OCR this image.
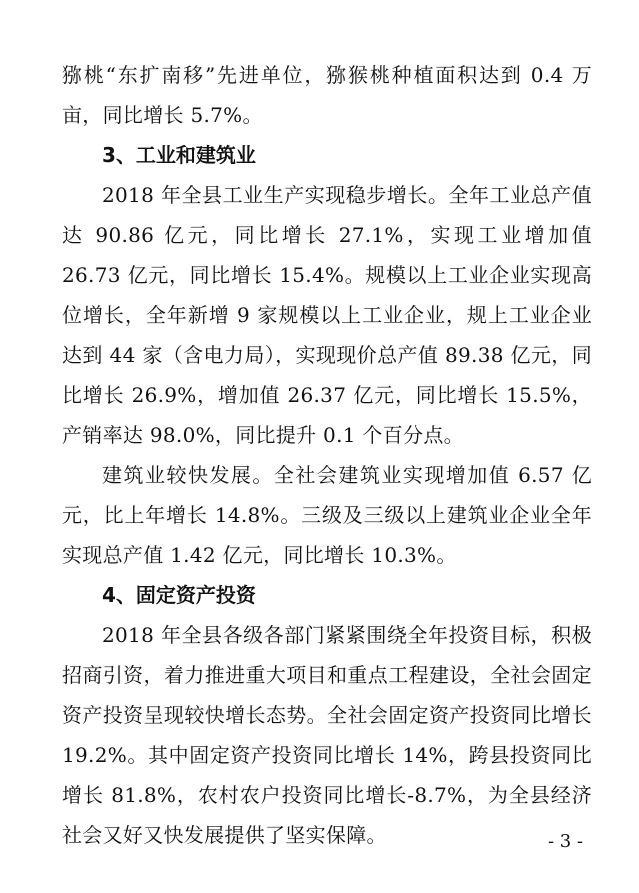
猕桃“东扩南移”先进单位，猕猴桃种植面积达到 0.4 万亩，同比增长 5.7%。

3、工业和建筑业

2018 年全县工业生产实现稳步增长。全年工业总产值达 90.86 亿元，同比增长 27.1%，实现工业增加值 26.73 亿元，同比增长 15.4%。规模以上工业企业实现高位增长，全年新增 9 家规模以上工业企业，规上工业企业达到 44 家（含电力局），实现现价总产值 89.38 亿元，同比增长 26.9%，增加值 26.37 亿元，同比增长 15.5%，产销率达 98.0%，同比提升 0.1 个百分点。

建筑业较快发展。全社会建筑业实现增加值 6.57 亿元，比上年增长 14.8%。三级及三级以上建筑业企业全年实现总产值 1.42 亿元，同比增长 10.3%。

4、固定资产投资

2018 年全县各级各部门紧紧围绕全年投资目标，积极招商引资，着力推进重大项目和重点工程建设，全社会固定资产投资呈现较快增长态势。全社会固定资产投资同比增长 19.2%。其中固定资产投资同比增长 14%，跨县投资同比增长 81.8%，农村农户投资同比增长-8.7%，为全县经济社会又好又快发展提供了坚实保障。	- 3 -
